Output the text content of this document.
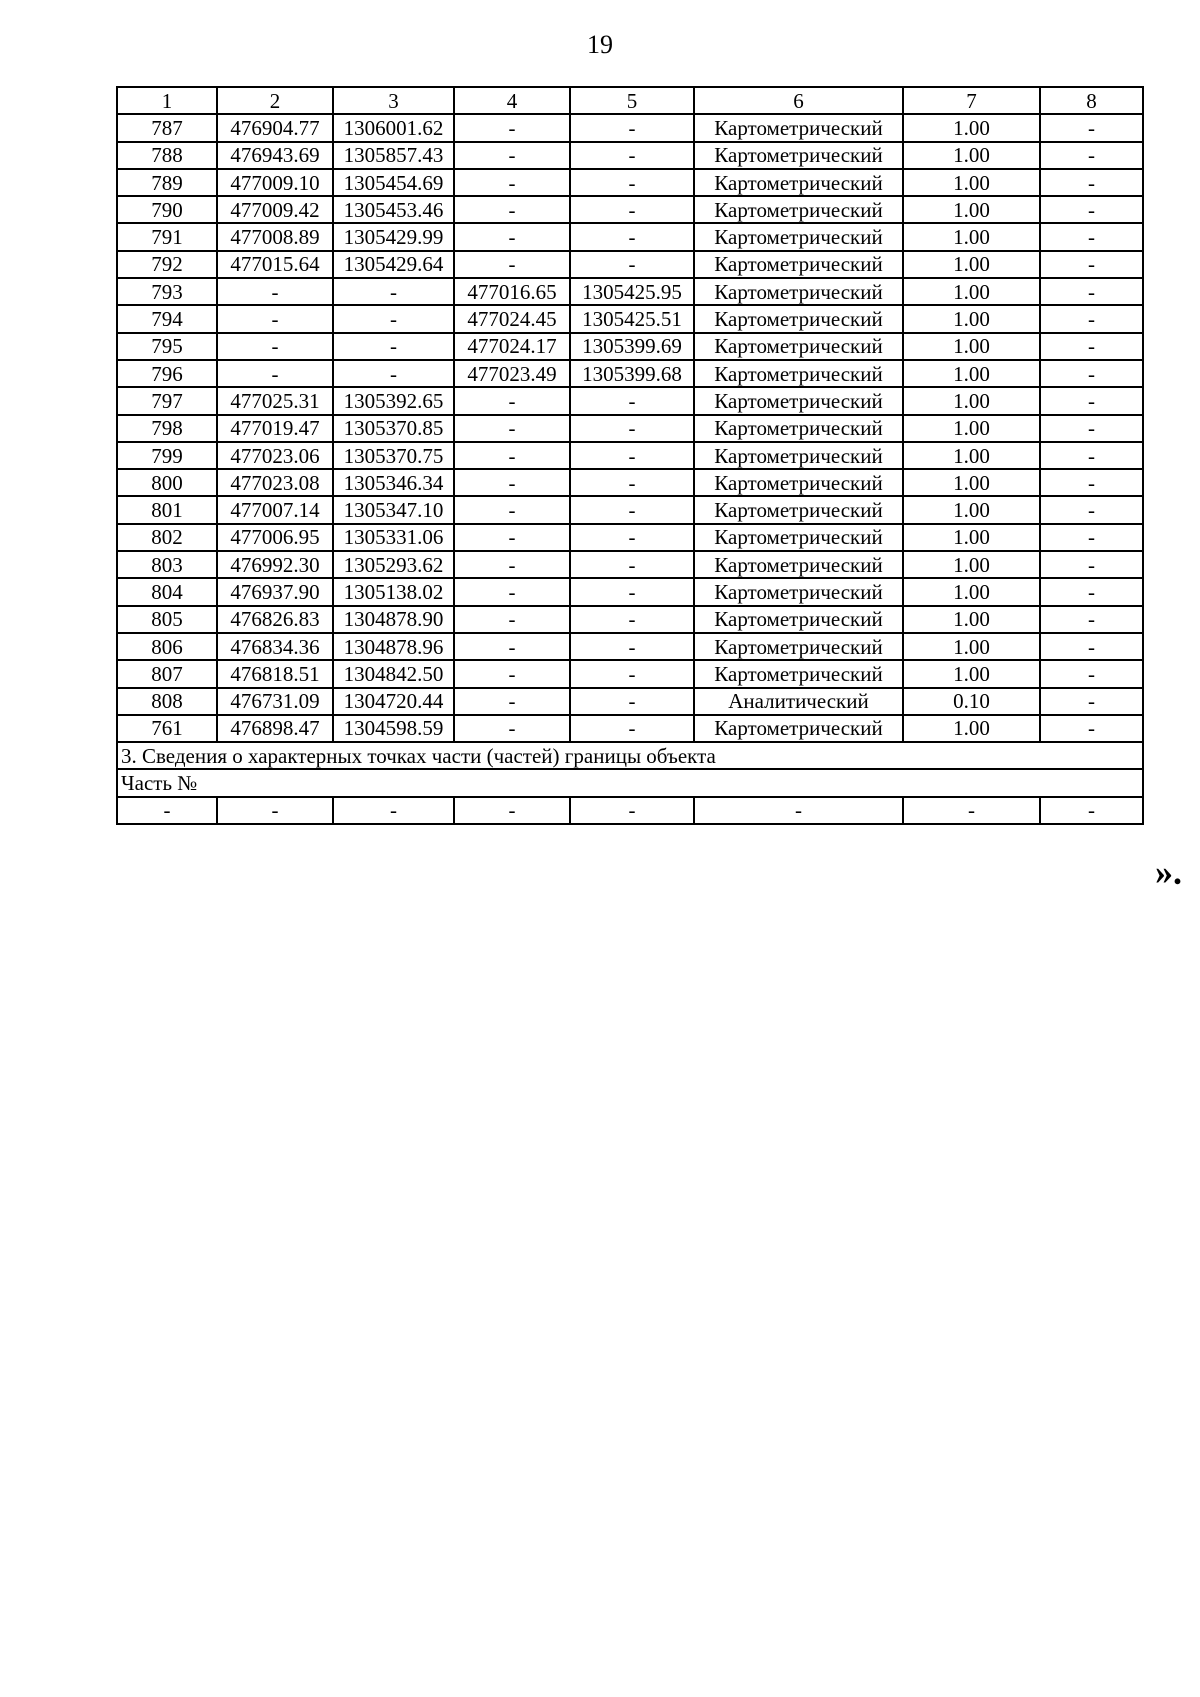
19
1	2	3	4	5	6	7	8
787	476904.77	1306001.62	-	-	Картометрический	1.00	-
788	476943.69	1305857.43	-	-	Картометрический	1.00	-
789	477009.10	1305454.69	-	-	Картометрический	1.00	-
790	477009.42	1305453.46	-	-	Картометрический	1.00	-
791	477008.89	1305429.99	-	-	Картометрический	1.00	-
792	477015.64	1305429.64	-	-	Картометрический	1.00	-
793	-	-	477016.65	1305425.95	Картометрический	1.00	-
794	-	-	477024.45	1305425.51	Картометрический	1.00	-
795	-	-	477024.17	1305399.69	Картометрический	1.00	-
796	-	-	477023.49	1305399.68	Картометрический	1.00	-
797	477025.31	1305392.65	-	-	Картометрический	1.00	-
798	477019.47	1305370.85	-	-	Картометрический	1.00	-
799	477023.06	1305370.75	-	-	Картометрический	1.00	-
800	477023.08	1305346.34	-	-	Картометрический	1.00	-
801	477007.14	1305347.10	-	-	Картометрический	1.00	-
802	477006.95	1305331.06	-	-	Картометрический	1.00	-
803	476992.30	1305293.62	-	-	Картометрический	1.00	-
804	476937.90	1305138.02	-	-	Картометрический	1.00	-
805	476826.83	1304878.90	-	-	Картометрический	1.00	-
806	476834.36	1304878.96	-	-	Картометрический	1.00	-
807	476818.51	1304842.50	-	-	Картометрический	1.00	-
808	476731.09	1304720.44	-	-	Аналитический	0.10	-
761	476898.47	1304598.59	-	-	Картометрический	1.00	-
3. Сведения о характерных точках части (частей) границы объекта							
Часть №							
-	-	-	-	-	-	-	-
».
